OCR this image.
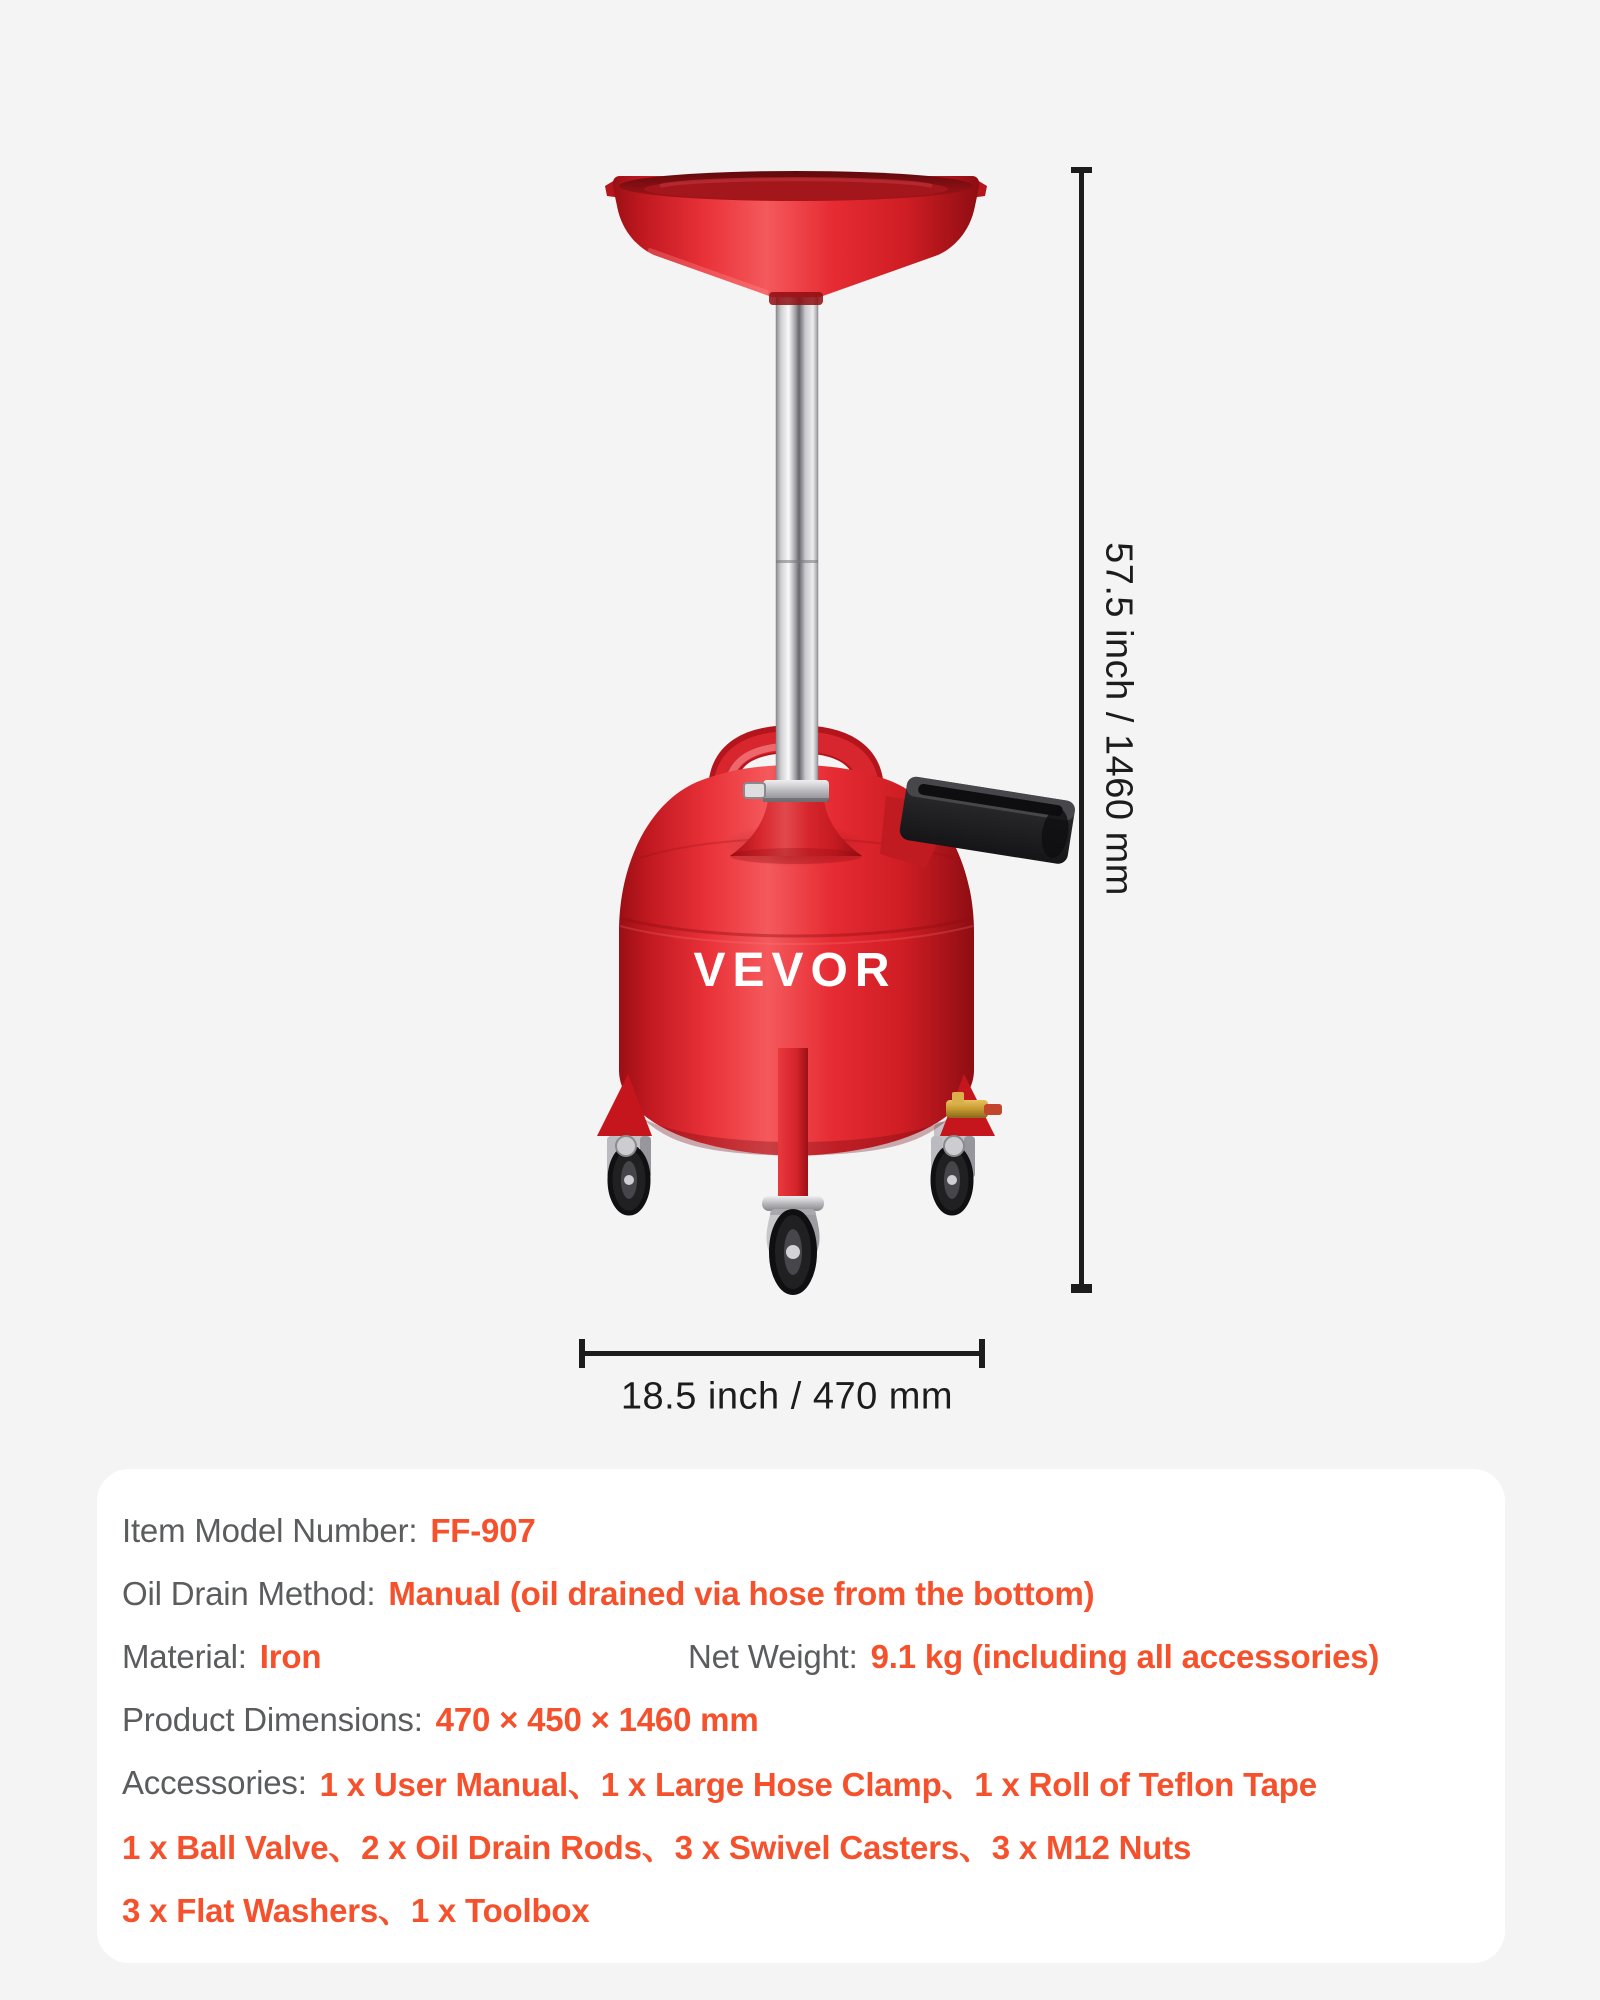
VEVOR
57.5 inch / 1460 mm
18.5 inch / 470 mm
Item Model Number: FF-907
Oil Drain Method: Manual (oil drained via hose from the bottom)
Material: Iron	Net Weight: 9.1 kg (including all accessories)
Product Dimensions: 470 × 450 × 1460 mm
Accessories: 1 x User Manual、1 x Large Hose Clamp、1 x Roll of Teflon Tape
1 x Ball Valve、2 x Oil Drain Rods、3 x Swivel Casters、3 x M12 Nuts
3 x Flat Washers、1 x Toolbox
